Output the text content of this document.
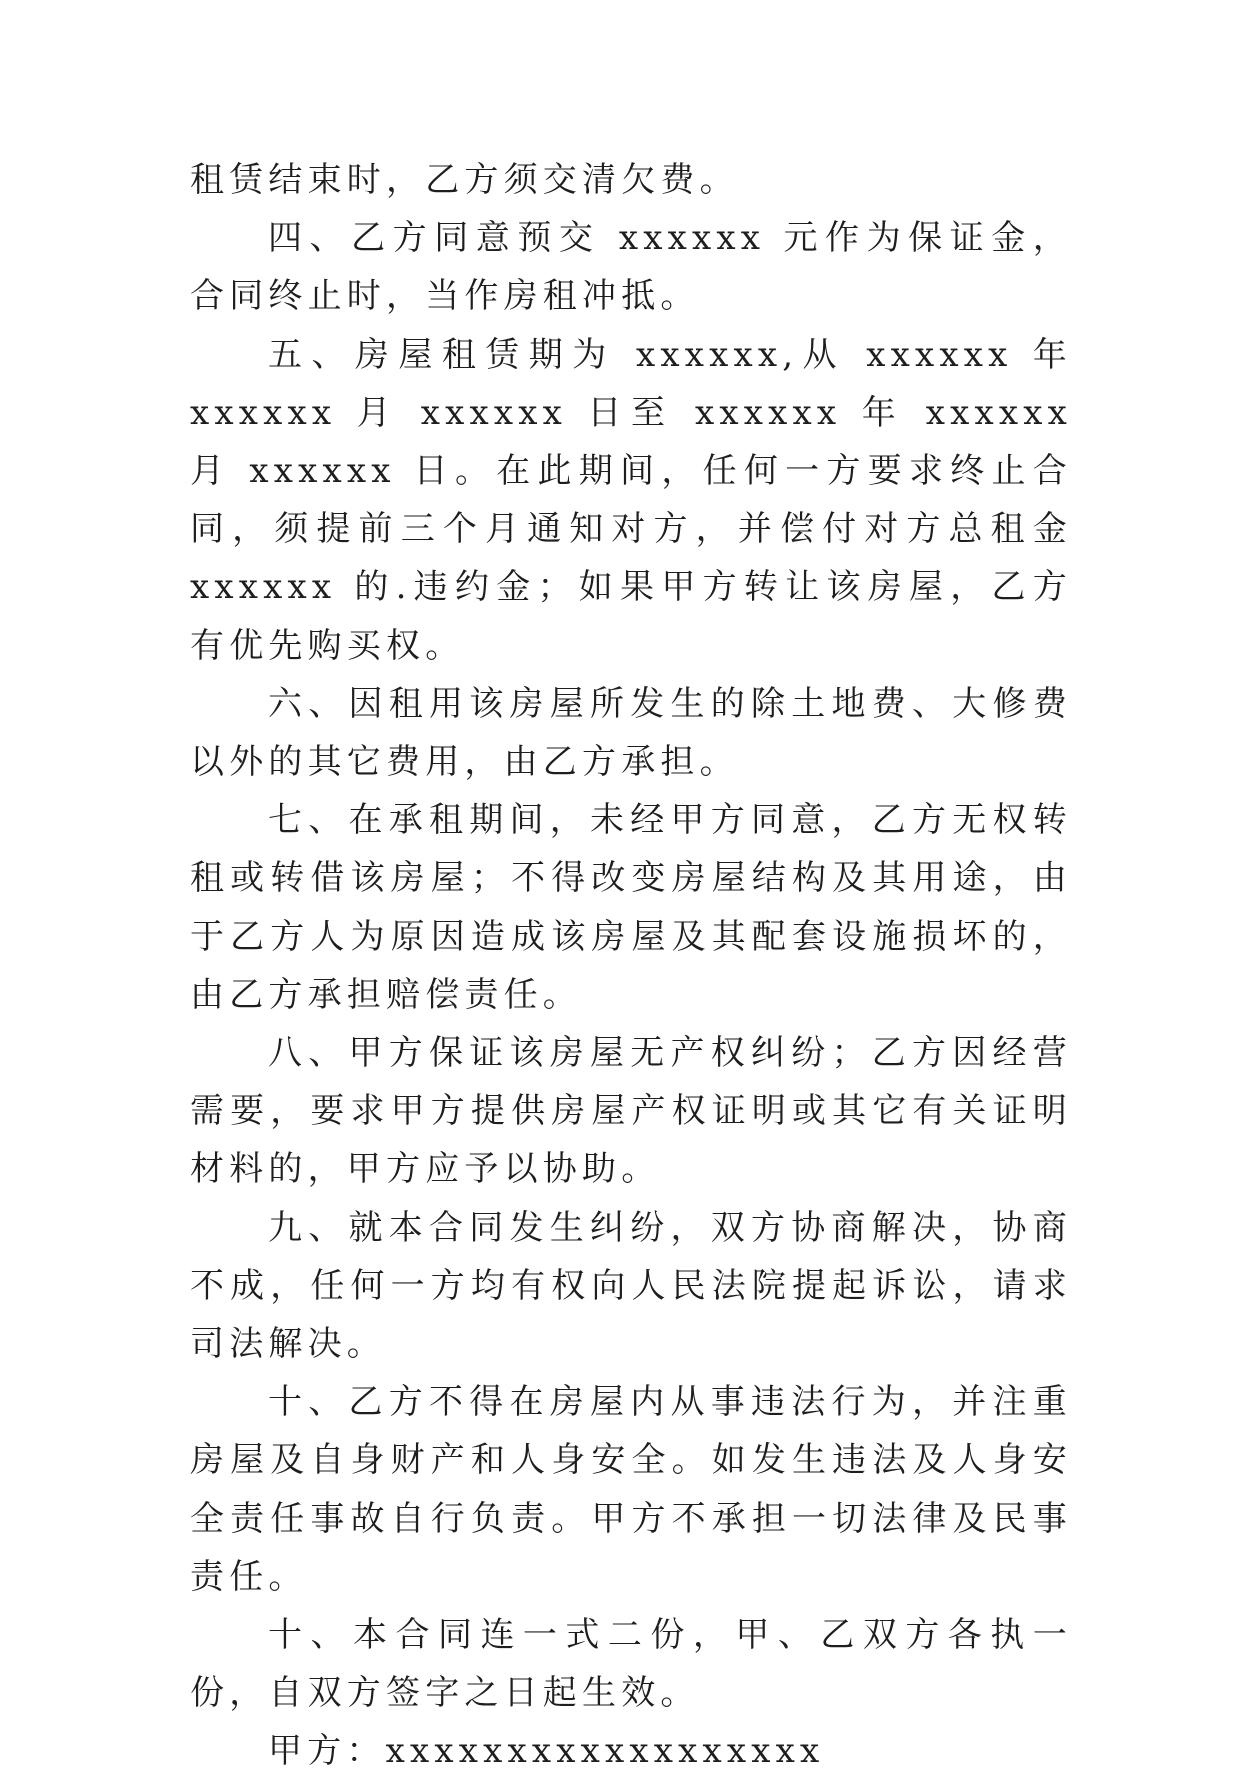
租赁结束时，乙方须交清欠费。

四、乙方同意预交 xxxxxx 元作为保证金，合同终止时，当作房租冲抵。

五、房屋租赁期为 xxxxxx,从 xxxxxx 年 xxxxxx 月 xxxxxx 日至 xxxxxx 年 xxxxxx 月 xxxxxx 日。在此期间，任何一方要求终止合同，须提前三个月通知对方，并偿付对方总租金 xxxxxx 的.违约金；如果甲方转让该房屋，乙方有优先购买权。

六、因租用该房屋所发生的除土地费、大修费以外的其它费用，由乙方承担。

七、在承租期间，未经甲方同意，乙方无权转租或转借该房屋；不得改变房屋结构及其用途，由于乙方人为原因造成该房屋及其配套设施损坏的，由乙方承担赔偿责任。

八、甲方保证该房屋无产权纠纷；乙方因经营需要，要求甲方提供房屋产权证明或其它有关证明材料的，甲方应予以协助。

九、就本合同发生纠纷，双方协商解决，协商不成，任何一方均有权向人民法院提起诉讼，请求司法解决。

十、乙方不得在房屋内从事违法行为，并注重房屋及自身财产和人身安全。如发生违法及人身安全责任事故自行负责。甲方不承担一切法律及民事责任。

十、本合同连一式二份，甲、乙双方各执一份，自双方签字之日起生效。

甲方：xxxxxxxxxxxxxxxxxx
